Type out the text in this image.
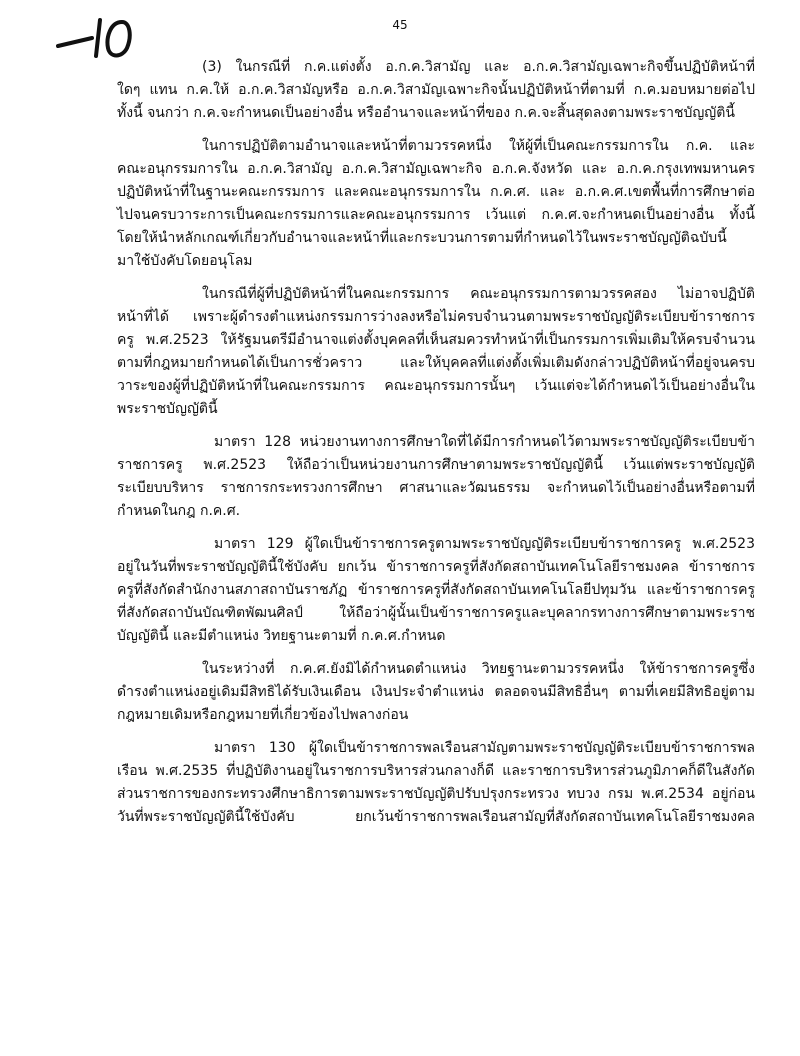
45
(3) ในกรณีที่ ก.ค.แต่งตั้ง อ.ก.ค.วิสามัญ และ อ.ก.ค.วิสามัญเฉพาะกิจขึ้นปฏิบัติหน้าที่
ใดๆ แทน ก.ค.ให้ อ.ก.ค.วิสามัญหรือ อ.ก.ค.วิสามัญเฉพาะกิจนั้นปฏิบัติหน้าที่ตามที่ ก.ค.มอบหมายต่อไป
ทั้งนี้ จนกว่า ก.ค.จะกำหนดเป็นอย่างอื่น หรืออำนาจและหน้าที่ของ ก.ค.จะสิ้นสุดลงตามพระราชบัญญัตินี้
ในการปฏิบัติตามอำนาจและหน้าที่ตามวรรคหนึ่ง ให้ผู้ที่เป็นคณะกรรมการใน ก.ค. และ
คณะอนุกรรมการใน อ.ก.ค.วิสามัญ อ.ก.ค.วิสามัญเฉพาะกิจ อ.ก.ค.จังหวัด และ อ.ก.ค.กรุงเทพมหานคร
ปฏิบัติหน้าที่ในฐานะคณะกรรมการ และคณะอนุกรรมการใน ก.ค.ศ. และ อ.ก.ค.ศ.เขตพื้นที่การศึกษาต่อ
ไปจนครบวาระการเป็นคณะกรรมการและคณะอนุกรรมการ เว้นแต่ ก.ค.ศ.จะกำหนดเป็นอย่างอื่น ทั้งนี้
โดยให้นำหลักเกณฑ์เกี่ยวกับอำนาจและหน้าที่และกระบวนการตามที่กำหนดไว้ในพระราชบัญญัติฉบับนี้
มาใช้บังคับโดยอนุโลม
ในกรณีที่ผู้ที่ปฏิบัติหน้าที่ในคณะกรรมการ คณะอนุกรรมการตามวรรคสอง ไม่อาจปฏิบัติ
หน้าที่ได้ เพราะผู้ดำรงตำแหน่งกรรมการว่างลงหรือไม่ครบจำนวนตามพระราชบัญญัติระเบียบข้าราชการ
ครู พ.ศ.2523 ให้รัฐมนตรีมีอำนาจแต่งตั้งบุคคลที่เห็นสมควรทำหน้าที่เป็นกรรมการเพิ่มเติมให้ครบจำนวน
ตามที่กฎหมายกำหนดได้เป็นการชั่วคราว และให้บุคคลที่แต่งตั้งเพิ่มเติมดังกล่าวปฏิบัติหน้าที่อยู่จนครบ
วาระของผู้ที่ปฏิบัติหน้าที่ในคณะกรรมการ คณะอนุกรรมการนั้นๆ เว้นแต่จะได้กำหนดไว้เป็นอย่างอื่นใน
พระราชบัญญัตินี้
มาตรา 128 หน่วยงานทางการศึกษาใดที่ได้มีการกำหนดไว้ตามพระราชบัญญัติระเบียบข้า
ราชการครู พ.ศ.2523 ให้ถือว่าเป็นหน่วยงานการศึกษาตามพระราชบัญญัตินี้ เว้นแต่พระราชบัญญัติ
ระเบียบบริหาร ราชการกระทรวงการศึกษา ศาสนาและวัฒนธรรม จะกำหนดไว้เป็นอย่างอื่นหรือตามที่
กำหนดในกฎ ก.ค.ศ.
มาตรา 129 ผู้ใดเป็นข้าราชการครูตามพระราชบัญญัติระเบียบข้าราชการครู พ.ศ.2523
อยู่ในวันที่พระราชบัญญัตินี้ใช้บังคับ ยกเว้น ข้าราชการครูที่สังกัดสถาบันเทคโนโลยีราชมงคล ข้าราชการ
ครูที่สังกัดสำนักงานสภาสถาบันราชภัฏ ข้าราชการครูที่สังกัดสถาบันเทคโนโลยีปทุมวัน และข้าราชการครู
ที่สังกัดสถาบันบัณฑิตพัฒนศิลป์ ให้ถือว่าผู้นั้นเป็นข้าราชการครูและบุคลากรทางการศึกษาตามพระราช
บัญญัตินี้ และมีตำแหน่ง วิทยฐานะตามที่ ก.ค.ศ.กำหนด
ในระหว่างที่ ก.ค.ศ.ยังมิได้กำหนดตำแหน่ง วิทยฐานะตามวรรคหนึ่ง ให้ข้าราชการครูซึ่ง
ดำรงตำแหน่งอยู่เดิมมีสิทธิได้รับเงินเดือน เงินประจำตำแหน่ง ตลอดจนมีสิทธิอื่นๆ ตามที่เคยมีสิทธิอยู่ตาม
กฎหมายเดิมหรือกฎหมายที่เกี่ยวข้องไปพลางก่อน
มาตรา 130 ผู้ใดเป็นข้าราชการพลเรือนสามัญตามพระราชบัญญัติระเบียบข้าราชการพล
เรือน พ.ศ.2535 ที่ปฏิบัติงานอยู่ในราชการบริหารส่วนกลางก็ดี และราชการบริหารส่วนภูมิภาคก็ดีในสังกัด
ส่วนราชการของกระทรวงศึกษาธิการตามพระราชบัญญัติปรับปรุงกระทรวง ทบวง กรม พ.ศ.2534 อยู่ก่อน
วันที่พระราชบัญญัตินี้ใช้บังคับ ยกเว้นข้าราชการพลเรือนสามัญที่สังกัดสถาบันเทคโนโลยีราชมงคล
